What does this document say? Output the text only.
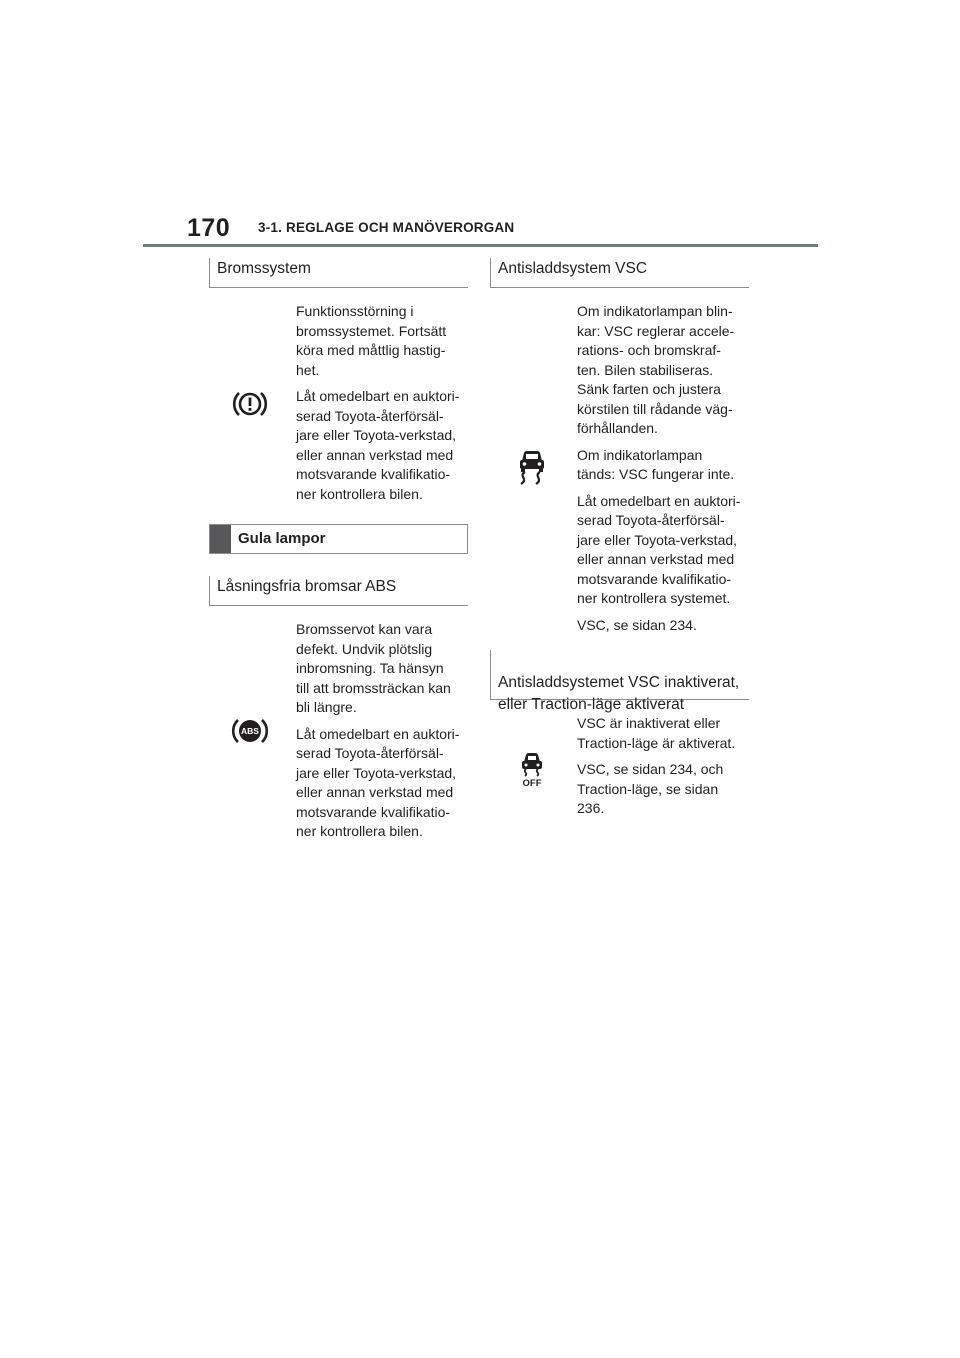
170 3-1. REGLAGE OCH MANÖVERORGAN
Bromssystem

Funktionsstörning i
bromssystemet. Fortsätt
köra med måttlig hastig-
het.

Låt omedelbart en auktori-
serad Toyota-återförsäl-
jare eller Toyota-verkstad,
eller annan verkstad med
motsvarande kvalifikatio-
ner kontrollera bilen.

Gula lampor
Låsningsfria bromsar ABS
ABS

Bromsservot kan vara
defekt. Undvik plötslig
inbromsning. Ta hänsyn
till att bromssträckan kan
bli längre.

Låt omedelbart en auktori-
serad Toyota-återförsäl-
jare eller Toyota-verkstad,
eller annan verkstad med
motsvarande kvalifikatio-
ner kontrollera bilen.

Antisladdsystem VSC

Om indikatorlampan blin-
kar: VSC reglerar accele-
rations- och bromskraf-
ten. Bilen stabiliseras.
Sänk farten och justera
körstilen till rådande väg-
förhållanden.

Om indikatorlampan
tänds: VSC fungerar inte.

Låt omedelbart en auktori-
serad Toyota-återförsäl-
jare eller Toyota-verkstad,
eller annan verkstad med
motsvarande kvalifikatio-
ner kontrollera systemet.

VSC, se sidan 234.

Antisladdsystemet VSC inaktiverat,
eller Traction-läge aktiverat

OFF

VSC är inaktiverat eller
Traction-läge är aktiverat.

VSC, se sidan 234, och
Traction-läge, se sidan
236.
